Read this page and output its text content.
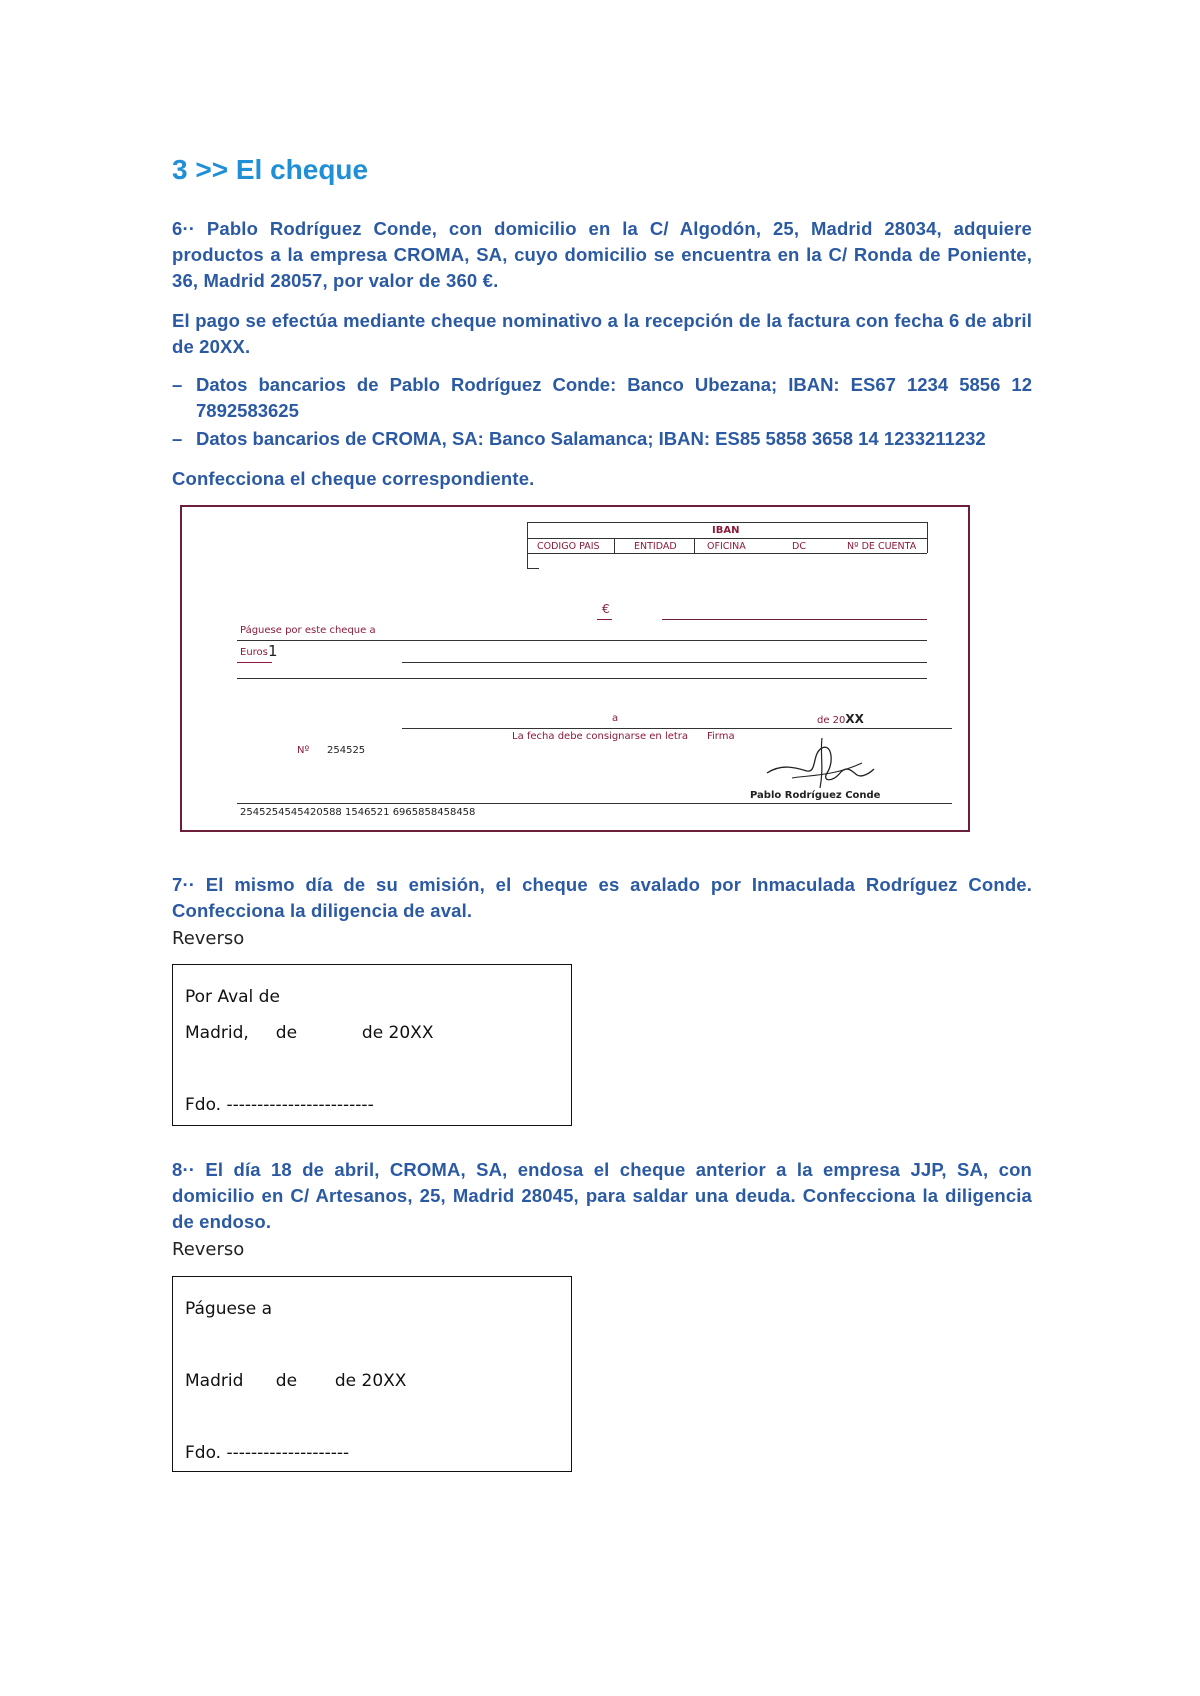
3 >> El cheque
6·· Pablo Rodríguez Conde, con domicilio en la C/ Algodón, 25, Madrid 28034, adquiere productos a la empresa CROMA, SA, cuyo domicilio se encuentra en la C/ Ronda de Poniente, 36, Madrid 28057, por valor de 360 €.
El pago se efectúa mediante cheque nominativo a la recepción de la factura con fecha 6 de abril de 20XX.
– Datos bancarios de Pablo Rodríguez Conde: Banco Ubezana; IBAN: ES67 1234 5856 12 7892583625
– Datos bancarios de CROMA, SA: Banco Salamanca; IBAN: ES85 5858 3658 14 1233211232
Confecciona el cheque correspondiente.
IBAN
CODIGO PAIS	ENTIDAD	OFICINA	DC	Nº DE CUENTA
€
Páguese por este cheque a
Euros 1
a	de 20XX
La fecha debe consignarse en letra Firma
Nº 254525
Pablo Rodríguez Conde
2545254545420588 1546521 6965858458458
7·· El mismo día de su emisión, el cheque es avalado por Inmaculada Rodríguez Conde. Confecciona la diligencia de aval.
Reverso
Por Aval de
Madrid,     de            de 20XX
Fdo. ------------------------
8·· El día 18 de abril, CROMA, SA, endosa el cheque anterior a la empresa JJP, SA, con domicilio en C/ Artesanos, 25, Madrid 28045, para saldar una deuda. Confecciona la diligencia de endoso.
Reverso
Páguese a
Madrid      de       de 20XX
Fdo. --------------------
